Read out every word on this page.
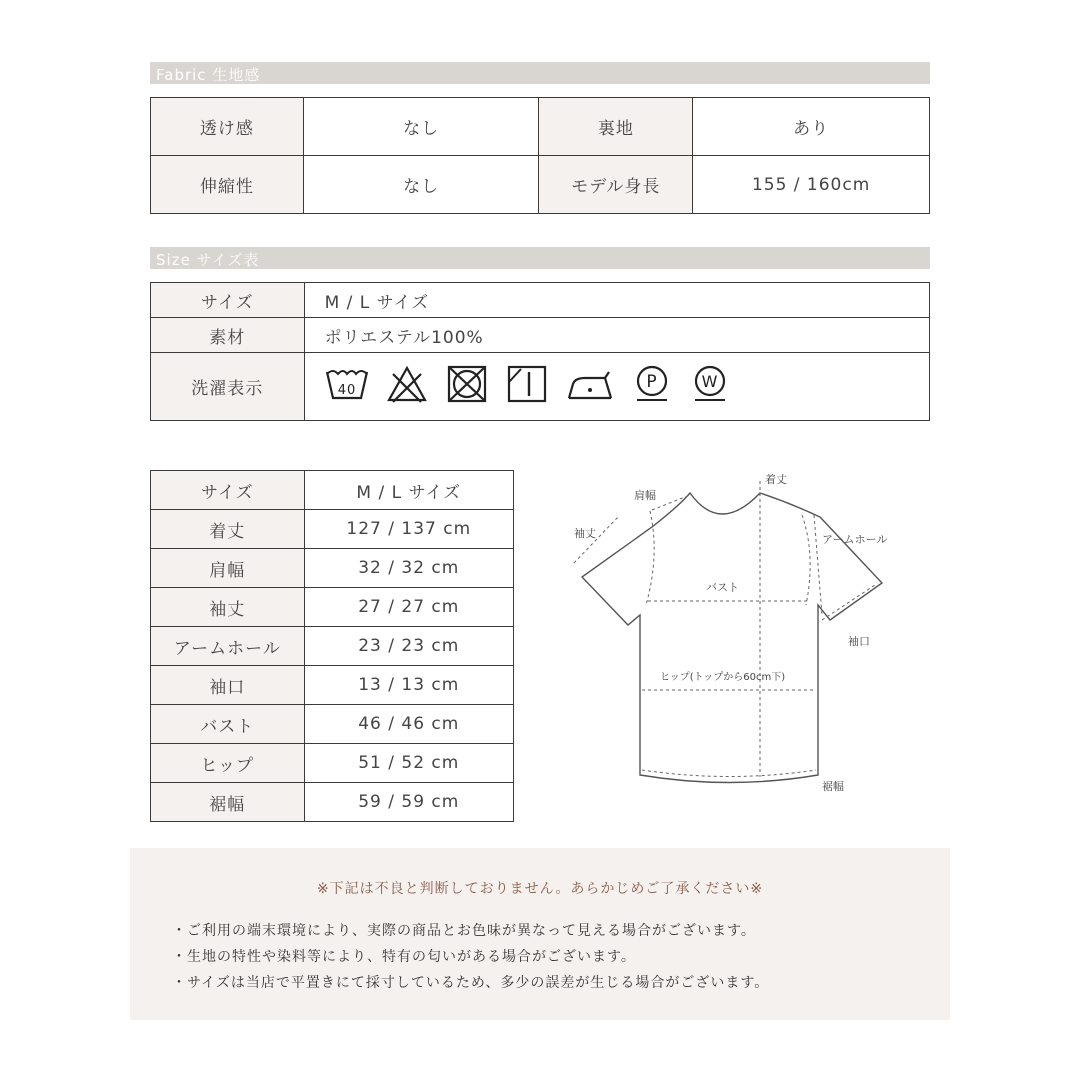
Fabric 生地感
透け感	なし	裏地	あり
伸縮性	なし	モデル身長	155 / 160cm
Size サイズ表
サイズ	M / L サイズ
素材	ポリエステル100%
洗濯表示	40 P W
サイズ	M / L サイズ
着丈	127 / 137 cm
肩幅	32 / 32 cm
袖丈	27 / 27 cm
アームホール	23 / 23 cm
袖口	13 / 13 cm
バスト	46 / 46 cm
ヒップ	51 / 52 cm
裾幅	59 / 59 cm
着丈
肩幅
袖丈	アームホール
バスト
袖口
ヒップ(トップから60cm下)
裾幅
※下記は不良と判断しておりません。あらかじめご了承ください※
・ご利用の端末環境により、実際の商品とお色味が異なって見える場合がございます。
・生地の特性や染料等により、特有の匂いがある場合がございます。
・サイズは当店で平置きにて採寸しているため、多少の誤差が生じる場合がございます。
